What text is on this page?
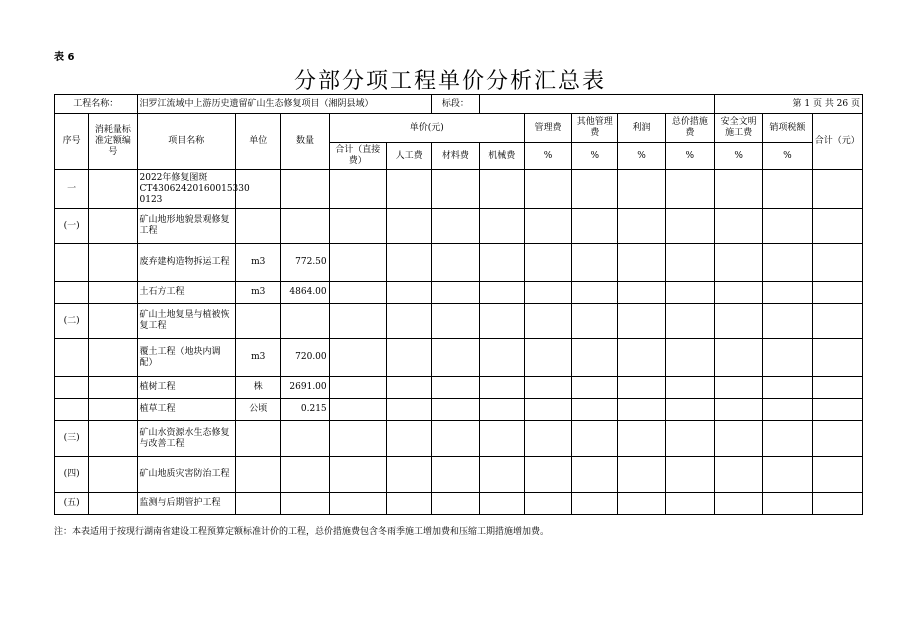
表 6
分部分项工程单价分析汇总表
工程名称：		汨罗江流域中上游历史遗留矿山生态修复项目（湘阴县域）					标段：						第 1 页 共 26 页		
序号	消耗量标准定额编号	项目名称	单位	数量	单价(元)				管理费	其他管理费	利润	总价措施费	安全文明施工费	销项税额	合计（元）
					合计（直接费）	人工费	材料费	机械费	%	%	%	%	%	%	
一		2022年修复图斑CT43062420160015330 0123													
(一)		矿山地形地貌景观修复工程													
		废弃建构造物拆运工程	m3	772.50											
		土石方工程	m3	4864.00											
(二)		矿山土地复垦与植被恢复工程													
		覆土工程（地块内调配）	m3	720.00											
		植树工程	株	2691.00											
		植草工程	公顷	0.215											
(三)		矿山水资源水生态修复与改善工程													
(四)		矿山地质灾害防治工程													
(五)		监测与后期管护工程													
注：本表适用于按现行湖南省建设工程预算定额标准计价的工程，总价措施费包含冬雨季施工增加费和压缩工期措施增加费。
